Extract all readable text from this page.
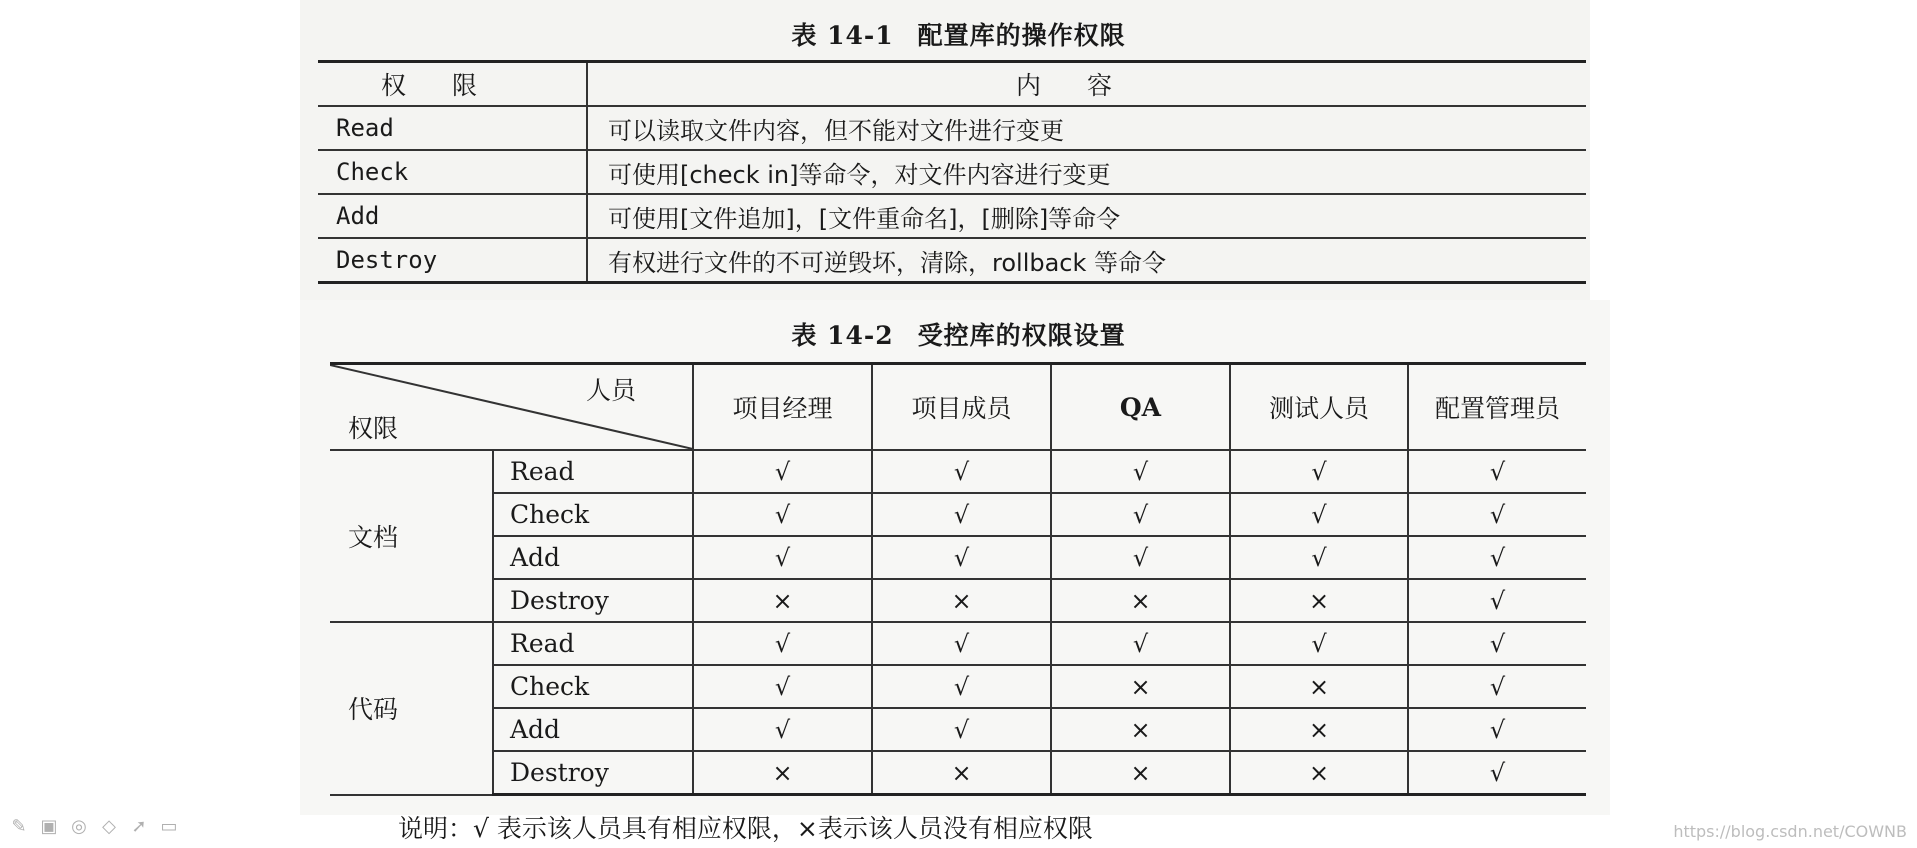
表 14-1 配置库的操作权限
权限	内容
Read	可以读取文件内容，但不能对文件进行变更
Check	可使用[check in]等命令，对文件内容进行变更
Add	可使用[文件追加]，[文件重命名]，[删除]等命令
Destroy	有权进行文件的不可逆毁坏，清除，rollback 等命令
表 14-2 受控库的权限设置
人员
权限		项目经理	项目成员	QA	测试人员	配置管理员
文档	Read	√	√	√	√	√
	Check	√	√	√	√	√
	Add	√	√	√	√	√
	Destroy	×	×	×	×	√
代码	Read	√	√	√	√	√
	Check	√	√	×	×	√
	Add	√	√	×	×	√
	Destroy	×	×	×	×	√
说明：√ 表示该人员具有相应权限，×表示该人员没有相应权限
✎ ▣ ◎ ◇ ➚ ▭	https://blog.csdn.net/COWNB
